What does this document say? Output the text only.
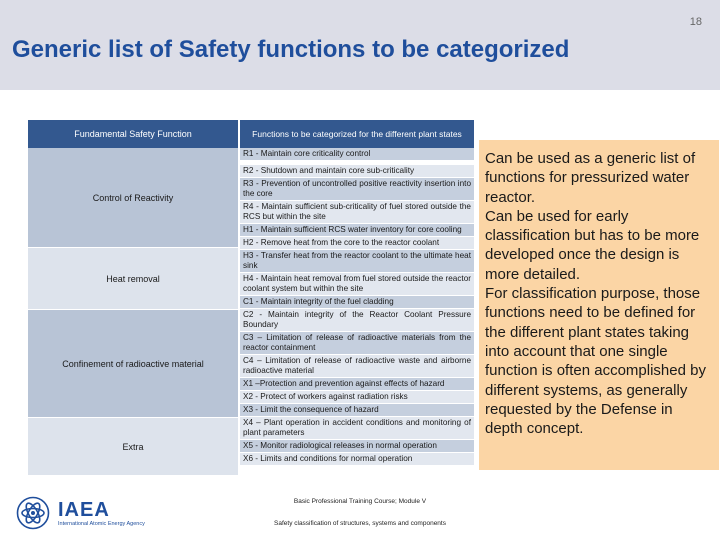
18
Generic list of Safety functions to be categorized
Fundamental Safety Function
Control of Reactivity
Heat removal
Confinement of radioactive material
Extra
Functions to be categorized for the different plant states
R1 - Maintain core criticality control
R2 - Shutdown and maintain core sub-criticality
R3 - Prevention of uncontrolled positive reactivity insertion into the core
R4 - Maintain sufficient sub-criticality of fuel stored outside the RCS but within the site
H1 - Maintain sufficient RCS water inventory for core cooling
H2 - Remove heat from the core to the reactor coolant
H3 - Transfer heat from the reactor coolant to the ultimate heat sink
H4 - Maintain heat removal from fuel stored outside the reactor coolant system but within the site
C1 - Maintain integrity of the fuel cladding
C2 - Maintain integrity of the Reactor Coolant Pressure Boundary
C3 – Limitation of release of radioactive materials from the reactor containment
C4 – Limitation of release of radioactive waste and airborne radioactive material
X1 –Protection and prevention against effects of hazard
X2 - Protect of workers against radiation risks
X3 - Limit the consequence of hazard
X4 – Plant operation in accident conditions and monitoring of plant parameters
X5 - Monitor radiological releases in normal operation
X6 - Limits and conditions for normal operation

Can be used as a generic list of functions for pressurized water reactor.

Can be used for early classification but has to be more developed once the design is more detailed.

For classification purpose, those functions need to be defined for the different plant states taking into account that one single function is often accomplished by different systems, as generally requested by the Defense in depth concept.

IAEA
International Atomic Energy Agency
Basic Professional Training Course; Module V
Safety classification of structures, systems and components
